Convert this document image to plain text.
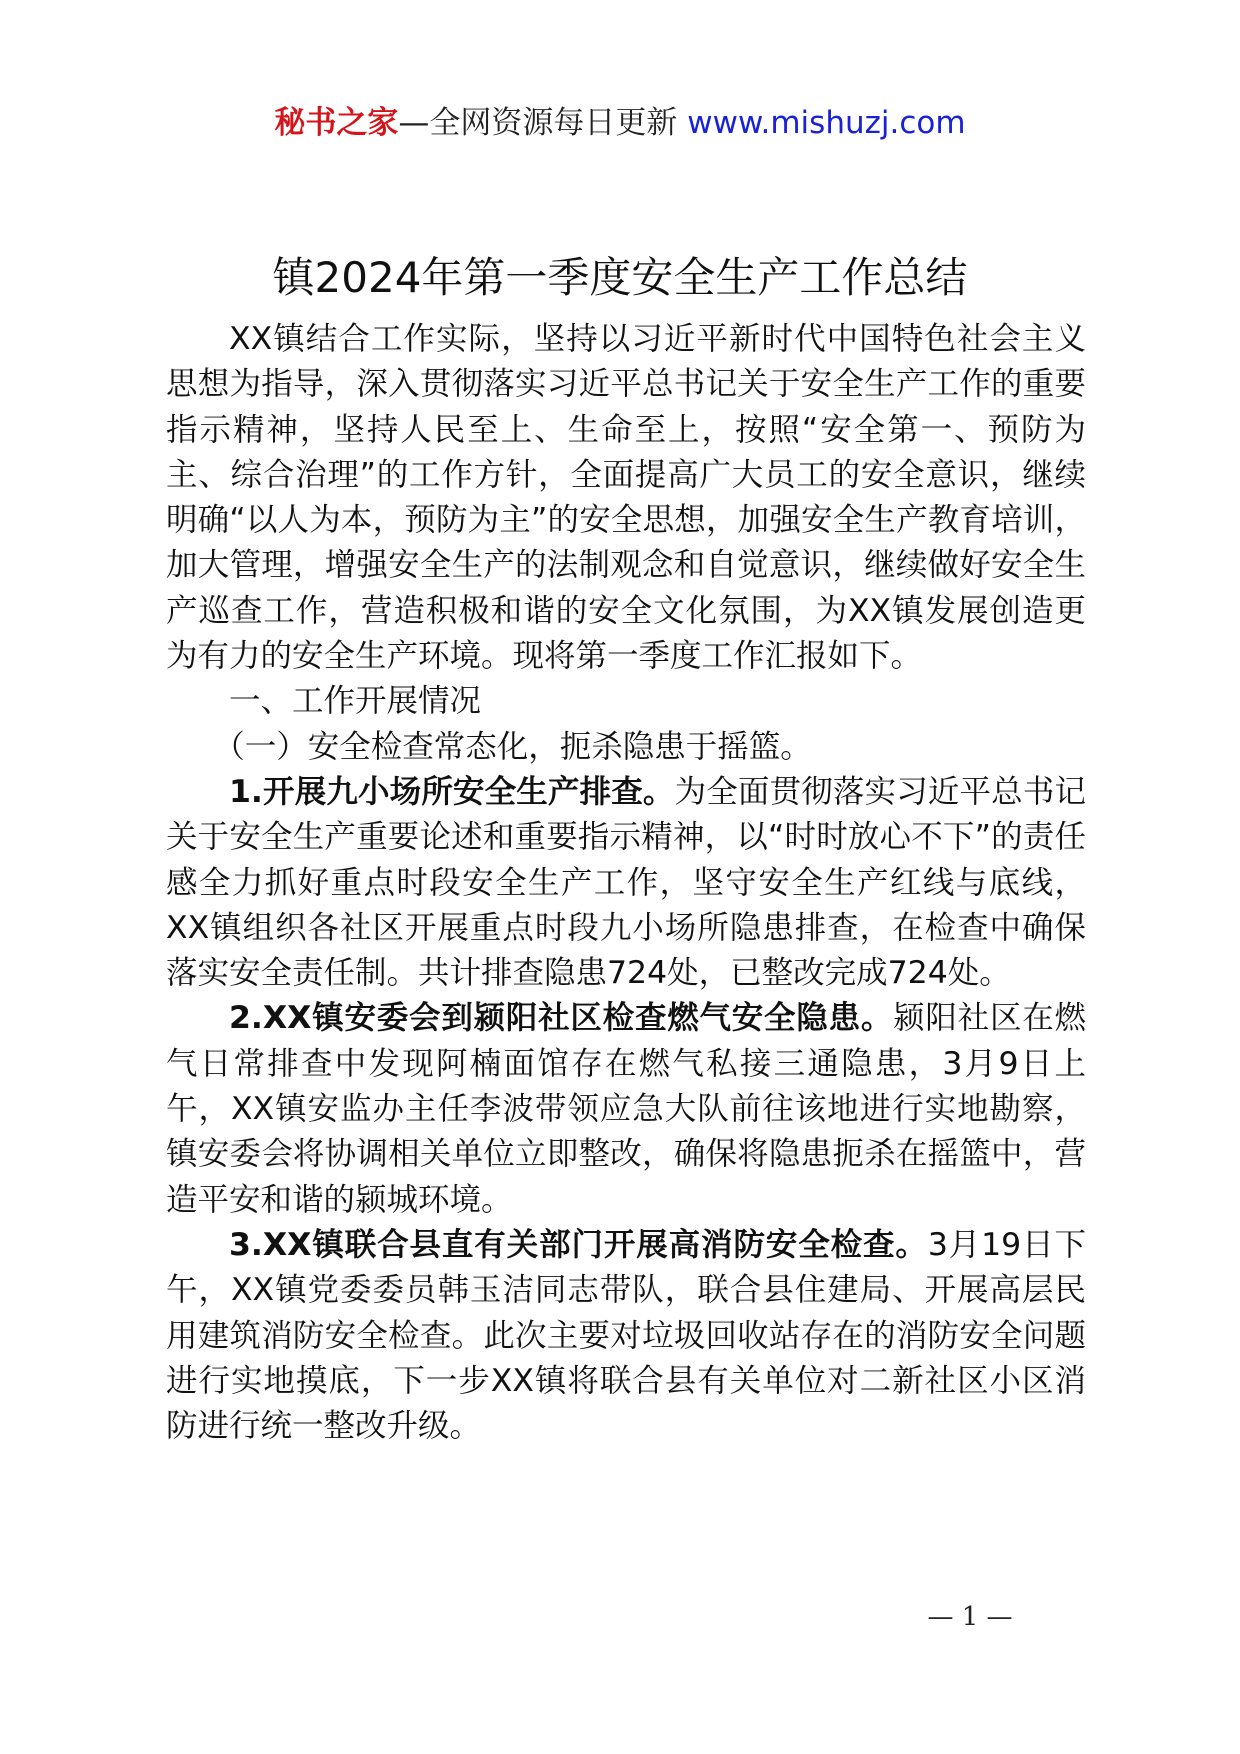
秘书之家—全网资源每日更新 www.mishuzj.com
镇2024年第一季度安全生产工作总结

XX镇结合工作实际，坚持以习近平新时代中国特色社会主义思想为指导，深入贯彻落实习近平总书记关于安全生产工作的重要指示精神，坚持人民至上、生命至上，按照“安全第一、预防为主、综合治理”的工作方针，全面提高广大员工的安全意识，继续明确“以人为本，预防为主”的安全思想，加强安全生产教育培训，加大管理，增强安全生产的法制观念和自觉意识，继续做好安全生产巡查工作，营造积极和谐的安全文化氛围，为XX镇发展创造更为有力的安全生产环境。现将第一季度工作汇报如下。

一、工作开展情况

（一）安全检查常态化，扼杀隐患于摇篮。

1.开展九小场所安全生产排查。为全面贯彻落实习近平总书记关于安全生产重要论述和重要指示精神，以“时时放心不下”的责任感全力抓好重点时段安全生产工作，坚守安全生产红线与底线，XX镇组织各社区开展重点时段九小场所隐患排查，在检查中确保落实安全责任制。共计排查隐患724处，已整改完成724处。

2.XX镇安委会到颍阳社区检查燃气安全隐患。颍阳社区在燃气日常排查中发现阿楠面馆存在燃气私接三通隐患，3月9日上午，XX镇安监办主任李波带领应急大队前往该地进行实地勘察，镇安委会将协调相关单位立即整改，确保将隐患扼杀在摇篮中，营造平安和谐的颍城环境。

3.XX镇联合县直有关部门开展高消防安全检查。3月19日下午，XX镇党委委员韩玉洁同志带队，联合县住建局、开展高层民用建筑消防安全检查。此次主要对垃圾回收站存在的消防安全问题进行实地摸底，下一步XX镇将联合县有关单位对二新社区小区消防进行统一整改升级。

— 1 —
